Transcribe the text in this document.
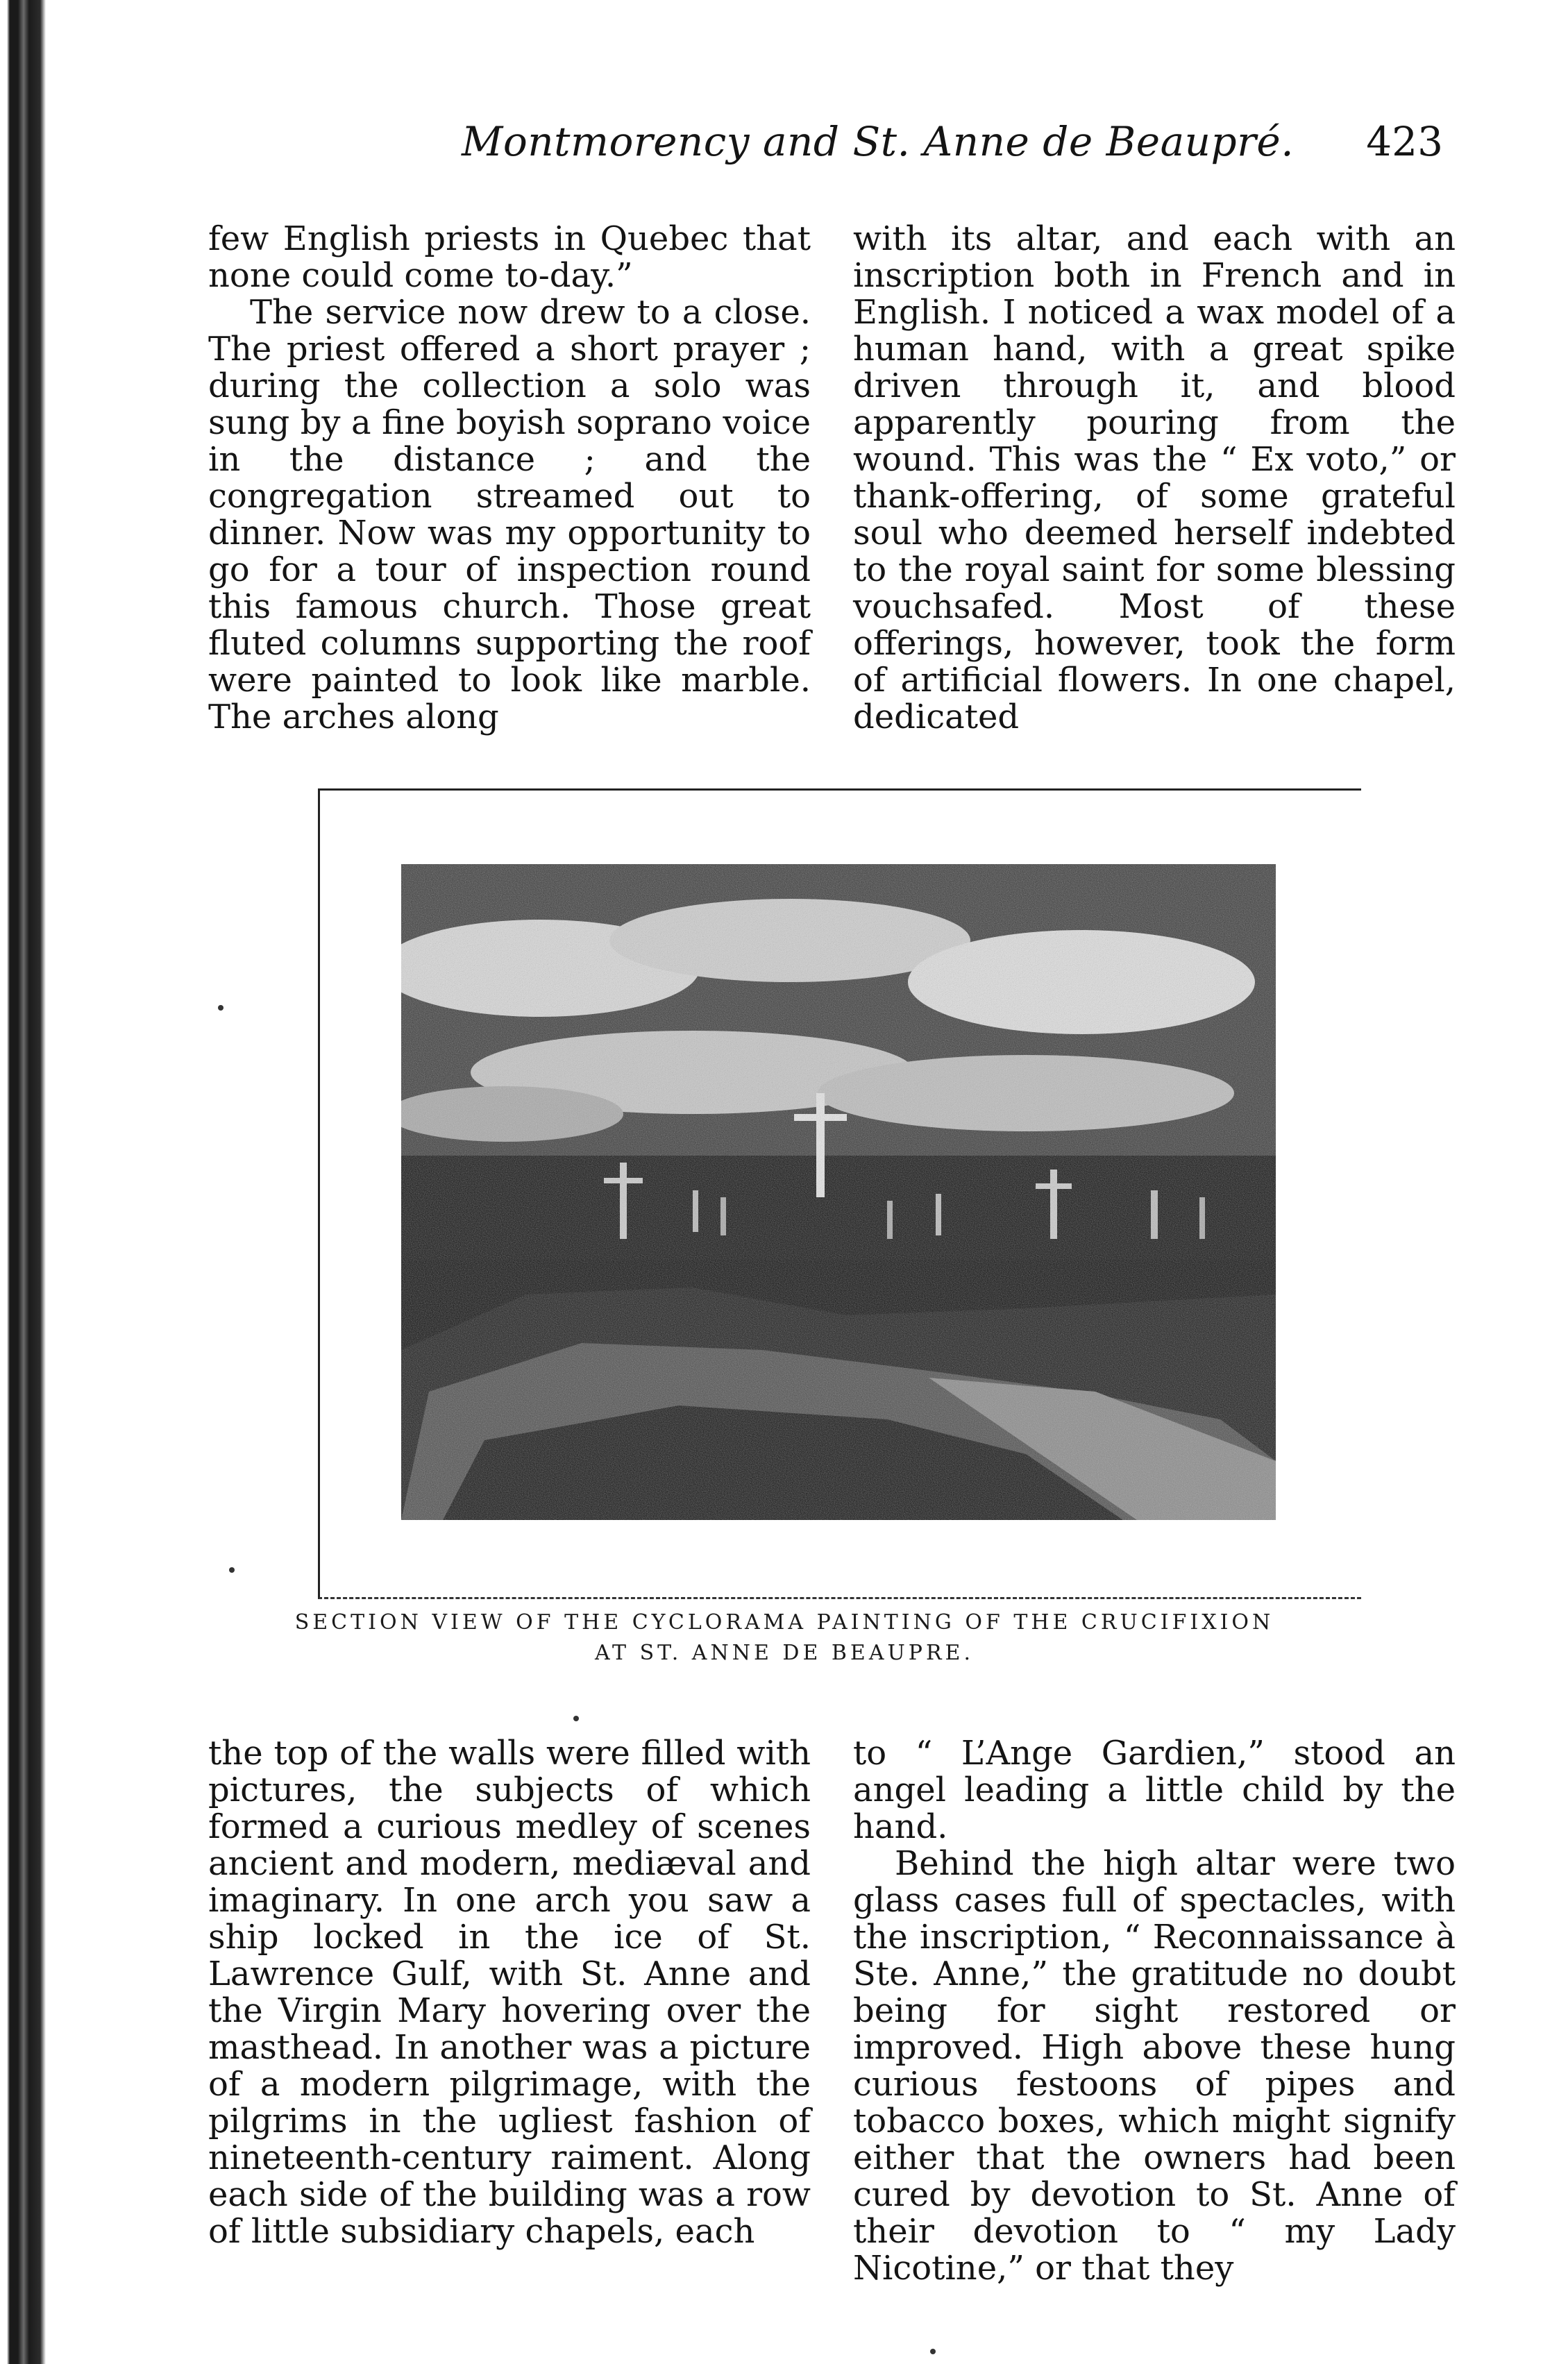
Montmorency and St. Anne de Beaupré. 423

few English priests in Quebec that none could come to-day.”

The service now drew to a close. The priest offered a short prayer ; during the collection a solo was sung by a fine boyish soprano voice in the distance ; and the congregation streamed out to dinner. Now was my opportunity to go for a tour of inspection round this famous church. Those great fluted columns supporting the roof were painted to look like marble. The arches along

with its altar, and each with an inscription both in French and in English. I noticed a wax model of a human hand, with a great spike driven through it, and blood apparently pouring from the wound. This was the “ Ex voto,” or thank-offering, of some grateful soul who deemed herself indebted to the royal saint for some blessing vouchsafed. Most of these offerings, however, took the form of artificial flowers. In one chapel, dedicated

SECTION VIEW OF THE CYCLORAMA PAINTING OF THE CRUCIFIXION
AT ST. ANNE DE BEAUPRE.

the top of the walls were filled with pictures, the subjects of which formed a curious medley of scenes ancient and modern, mediæval and imaginary. In one arch you saw a ship locked in the ice of St. Lawrence Gulf, with St. Anne and the Virgin Mary hovering over the masthead. In another was a picture of a modern pilgrimage, with the pilgrims in the ugliest fashion of nineteenth-century raiment. Along each side of the building was a row of little subsidiary chapels, each

to “ L’Ange Gardien,” stood an angel leading a little child by the hand.

Behind the high altar were two glass cases full of spectacles, with the inscription, “ Reconnaissance à Ste. Anne,” the gratitude no doubt being for sight restored or improved. High above these hung curious festoons of pipes and tobacco boxes, which might signify either that the owners had been cured by devotion to St. Anne of their devotion to “ my Lady Nicotine,” or that they
